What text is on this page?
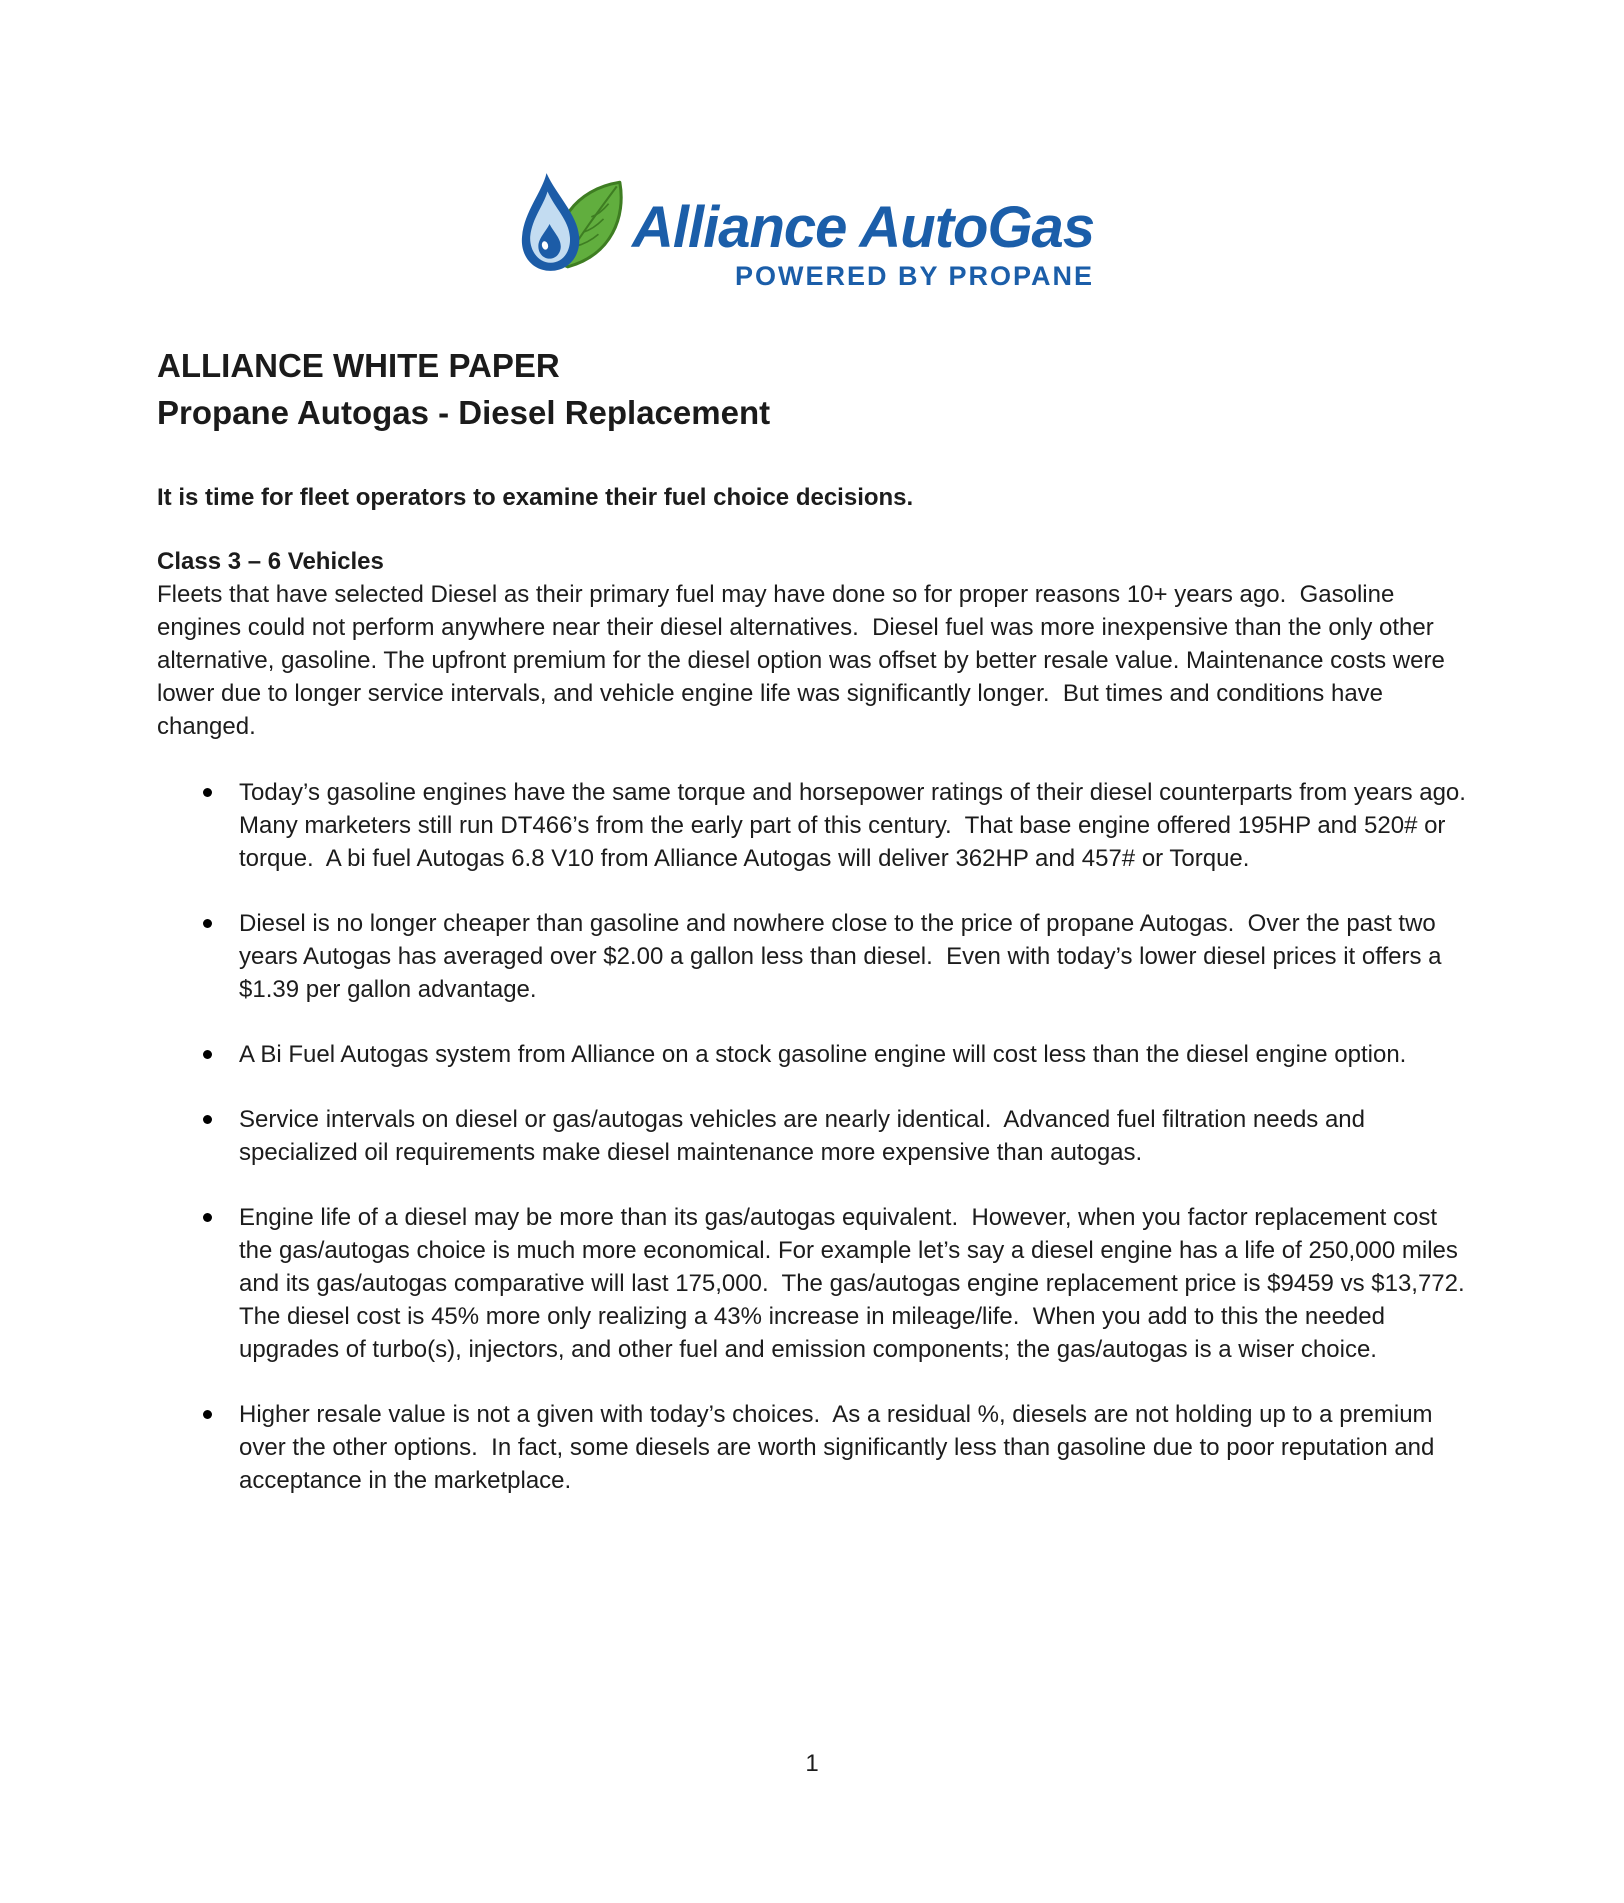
Alliance AutoGas
POWERED BY PROPANE
ALLIANCE WHITE PAPER
Propane Autogas - Diesel Replacement

It is time for fleet operators to examine their fuel choice decisions.

Class 3 – 6 Vehicles

Fleets that have selected Diesel as their primary fuel may have done so for proper reasons 10+ years ago.  Gasoline engines could not perform anywhere near their diesel alternatives.  Diesel fuel was more inexpensive than the only other alternative, gasoline. The upfront premium for the diesel option was offset by better resale value. Maintenance costs were lower due to longer service intervals, and vehicle engine life was significantly longer.  But times and conditions have changed.

Today’s gasoline engines have the same torque and horsepower ratings of their diesel counterparts from years ago.  Many marketers still run DT466’s from the early part of this century.  That base engine offered 195HP and 520# or torque.  A bi fuel Autogas 6.8 V10 from Alliance Autogas will deliver 362HP and 457# or Torque.
Diesel is no longer cheaper than gasoline and nowhere close to the price of propane Autogas.  Over the past two years Autogas has averaged over $2.00 a gallon less than diesel.  Even with today’s lower diesel prices it offers a $1.39 per gallon advantage.
A Bi Fuel Autogas system from Alliance on a stock gasoline engine will cost less than the diesel engine option.
Service intervals on diesel or gas/autogas vehicles are nearly identical.  Advanced fuel filtration needs and specialized oil requirements make diesel maintenance more expensive than autogas.
Engine life of a diesel may be more than its gas/autogas equivalent.  However, when you factor replacement cost the gas/autogas choice is much more economical. For example let’s say a diesel engine has a life of 250,000 miles and its gas/autogas comparative will last 175,000.  The gas/autogas engine replacement price is $9459 vs $13,772.  The diesel cost is 45% more only realizing a 43% increase in mileage/life.  When you add to this the needed upgrades of turbo(s), injectors, and other fuel and emission components; the gas/autogas is a wiser choice.
Higher resale value is not a given with today’s choices.  As a residual %, diesels are not holding up to a premium over the other options.  In fact, some diesels are worth significantly less than gasoline due to poor reputation and acceptance in the marketplace.
1
